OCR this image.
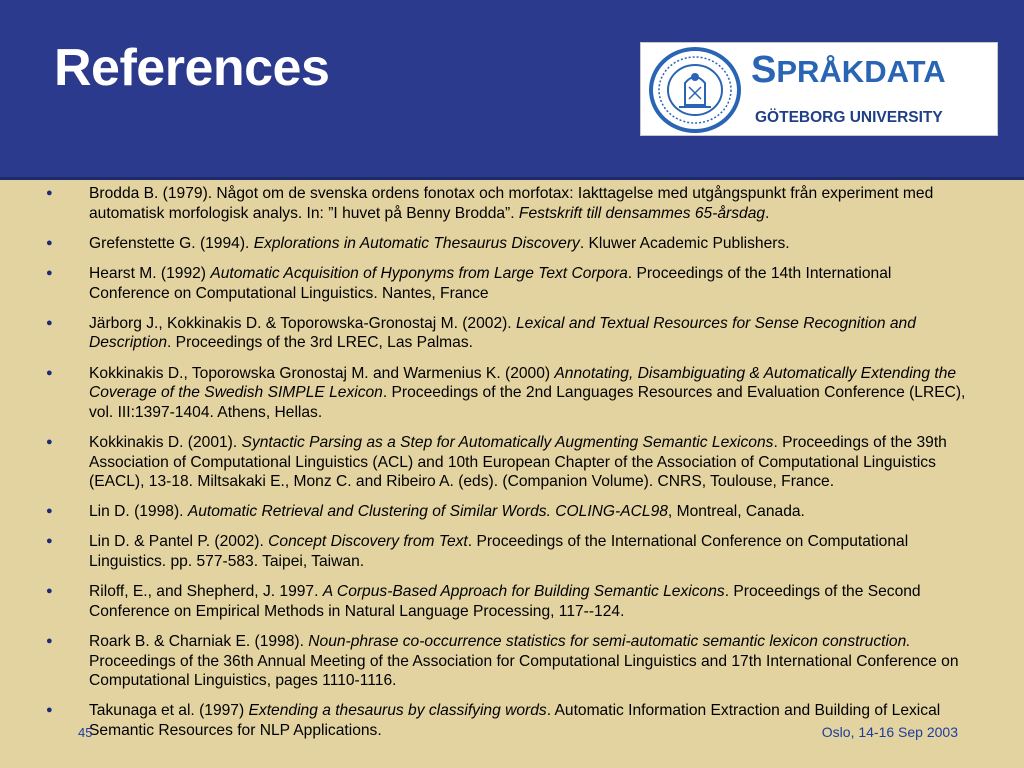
References	SPRÅKDATA
GÖTEBORG UNIVERSITY
● Brodda B. (1979). Något om de svenska ordens fonotax och morfotax: Iakttagelse med utgångspunkt från experiment med automatisk morfologisk analys. In: ”I huvet på Benny Brodda”. Festskrift till densammes 65-årsdag.
● Grefenstette G. (1994). Explorations in Automatic Thesaurus Discovery. Kluwer Academic Publishers.
● Hearst M. (1992) Automatic Acquisition of Hyponyms from Large Text Corpora. Proceedings of the 14th International Conference on Computational Linguistics. Nantes, France
● Järborg J., Kokkinakis D. & Toporowska-Gronostaj M. (2002). Lexical and Textual Resources for Sense Recognition and Description. Proceedings of the 3rd LREC, Las Palmas.
● Kokkinakis D., Toporowska Gronostaj M. and Warmenius K. (2000) Annotating, Disambiguating & Automatically Extending the Coverage of the Swedish SIMPLE Lexicon. Proceedings of the 2nd Languages Resources and Evaluation Conference (LREC), vol. III:1397-1404. Athens, Hellas.
● Kokkinakis D. (2001). Syntactic Parsing as a Step for Automatically Augmenting Semantic Lexicons. Proceedings of the 39th Association of Computational Linguistics (ACL) and 10th European Chapter of the Association of Computational Linguistics (EACL), 13-18. Miltsakaki E., Monz C. and Ribeiro A. (eds). (Companion Volume). CNRS, Toulouse, France.
● Lin D. (1998). Automatic Retrieval and Clustering of Similar Words. COLING-ACL98, Montreal, Canada.
● Lin D. & Pantel P. (2002). Concept Discovery from Text. Proceedings of the International Conference on Computational Linguistics. pp. 577-583. Taipei, Taiwan.
● Riloff, E., and Shepherd, J. 1997. A Corpus-Based Approach for Building Semantic Lexicons. Proceedings of the Second Conference on Empirical Methods in Natural Language Processing, 117--124.
● Roark B. & Charniak E. (1998). Noun-phrase co-occurrence statistics for semi-automatic semantic lexicon construction. Proceedings of the 36th Annual Meeting of the Association for Computational Linguistics and 17th International Conference on Computational Linguistics, pages 1110-1116.
● Takunaga et al. (1997) Extending a thesaurus by classifying words. Automatic Information Extraction and Building of Lexical Semantic Resources for NLP Applications.
45	Oslo, 14-16 Sep 2003
